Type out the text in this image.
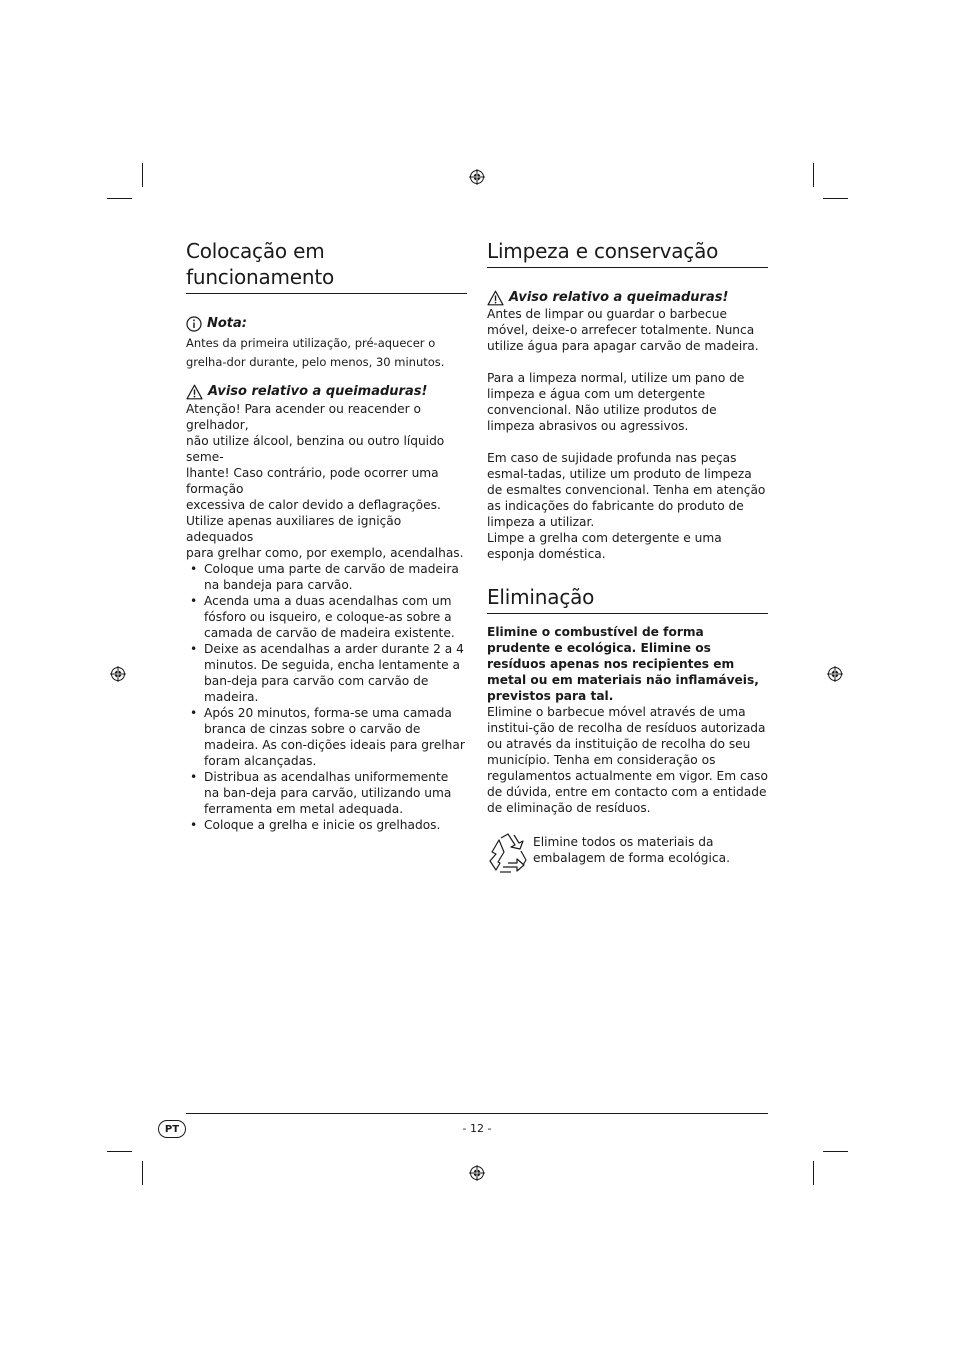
Colocação em funcionamento
Nota:

Antes da primeira utilização, pré-aquecer o grelha-dor durante, pelo menos, 30 minutos.

Aviso relativo a queimaduras!

Atenção! Para acender ou reacender o grelhador,

não utilize álcool, benzina ou outro líquido seme-

lhante! Caso contrário, pode ocorrer uma formação

excessiva de calor devido a deflagrações.

Utilize apenas auxiliares de ignição adequados

para grelhar como, por exemplo, acendalhas.

• Coloque uma parte de carvão de madeira na bandeja para carvão.
• Acenda uma a duas acendalhas com um fósforo ou isqueiro, e coloque-as sobre a camada de carvão de madeira existente.
• Deixe as acendalhas a arder durante 2 a 4 minutos. De seguida, encha lentamente a ban-deja para carvão com carvão de madeira.
• Após 20 minutos, forma-se uma camada branca de cinzas sobre o carvão de madeira. As con-dições ideais para grelhar foram alcançadas.
• Distribua as acendalhas uniformemente na ban-deja para carvão, utilizando uma ferramenta em metal adequada.
• Coloque a grelha e inicie os grelhados.
Limpeza e conservação
Aviso relativo a queimaduras!

Antes de limpar ou guardar o barbecue móvel, deixe-o arrefecer totalmente. Nunca utilize água para apagar carvão de madeira.

Para a limpeza normal, utilize um pano de limpeza e água com um detergente convencional. Não utilize produtos de limpeza abrasivos ou agressivos.

Em caso de sujidade profunda nas peças esmal-tadas, utilize um produto de limpeza de esmaltes convencional. Tenha em atenção as indicações do fabricante do produto de limpeza a utilizar.

Limpe a grelha com detergente e uma esponja doméstica.

Eliminação

Elimine o combustível de forma prudente e ecológica. Elimine os resíduos apenas nos recipientes em metal ou em materiais não inflamáveis, previstos para tal.

Elimine o barbecue móvel através de uma institui-ção de recolha de resíduos autorizada ou através da instituição de recolha do seu município. Tenha em consideração os regulamentos actualmente em vigor. Em caso de dúvida, entre em contacto com a entidade de eliminação de resíduos.

Elimine todos os materiais da embalagem de forma ecológica.

PT	- 12 -
